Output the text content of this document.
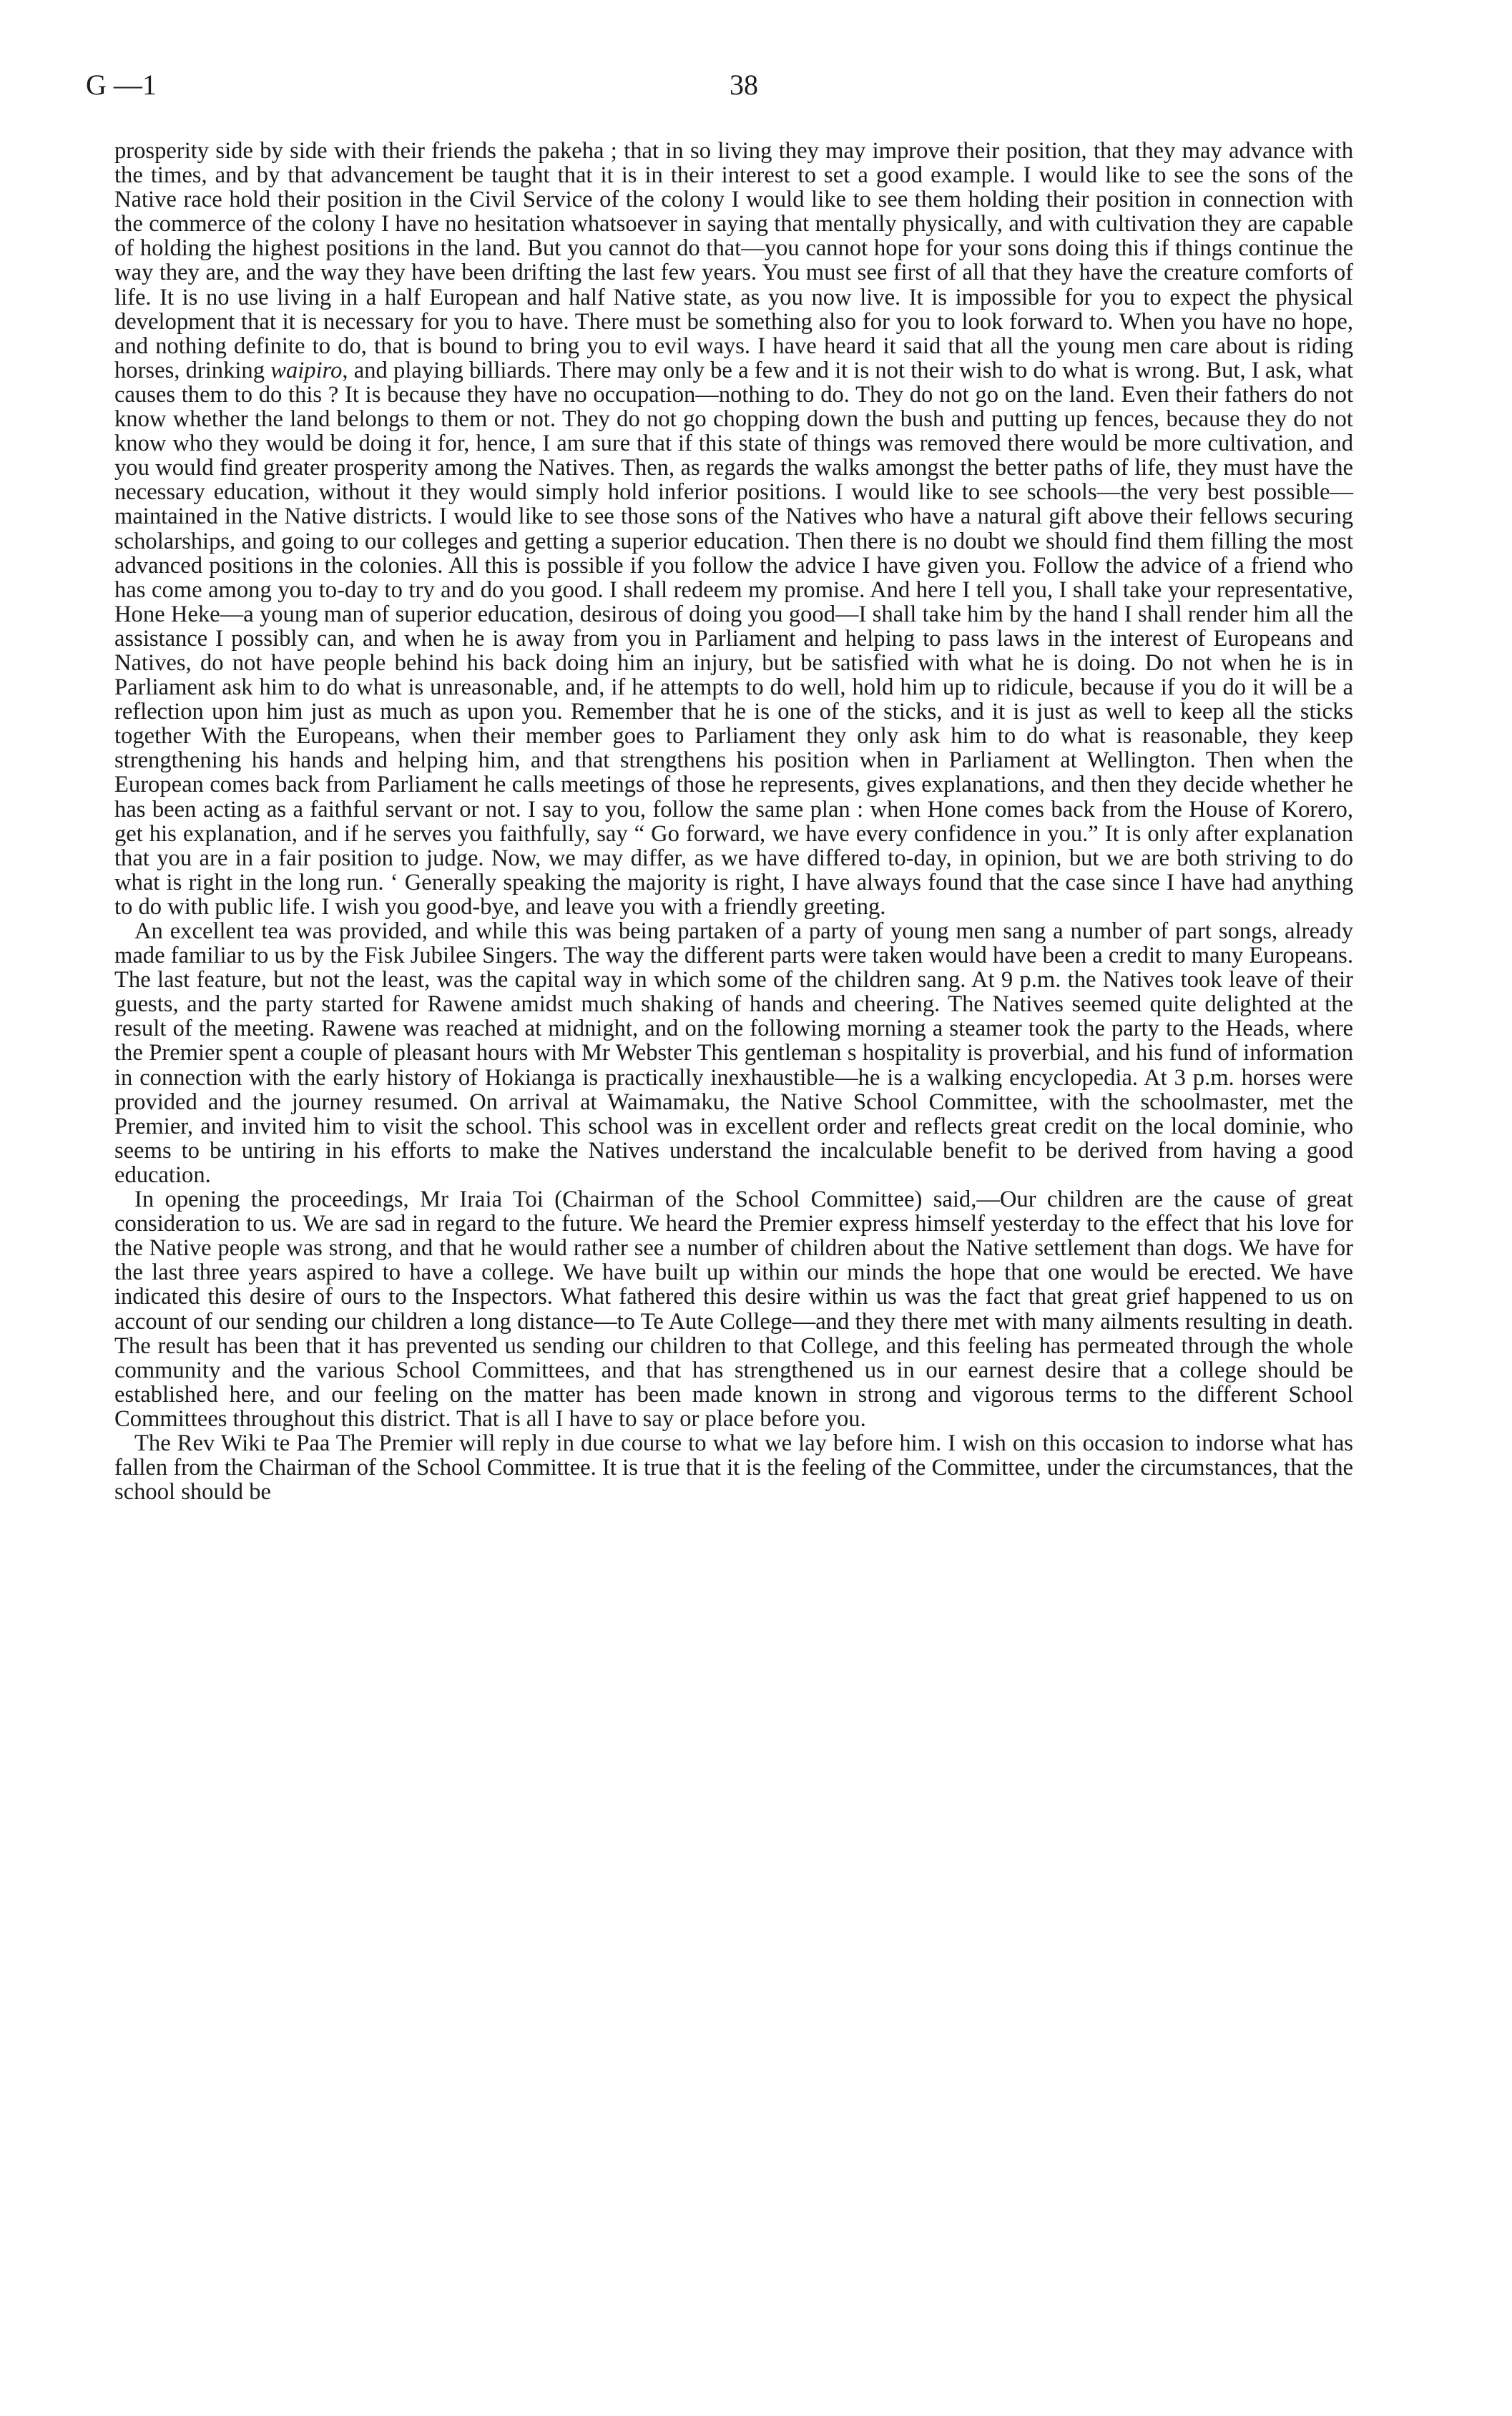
G —1	38

prosperity side by side with their friends the pakeha ; that in so living they may improve their position, that they may advance with the times, and by that advancement be taught that it is in their interest to set a good example. I would like to see the sons of the Native race hold their position in the Civil Service of the colony I would like to see them holding their position in connection with the commerce of the colony I have no hesitation whatsoever in saying that mentally physically, and with cultivation they are capable of holding the highest positions in the land. But you cannot do that—you cannot hope for your sons doing this if things continue the way they are, and the way they have been drifting the last few years. You must see first of all that they have the creature comforts of life. It is no use living in a half European and half Native state, as you now live. It is impossible for you to expect the physical development that it is necessary for you to have. There must be something also for you to look forward to. When you have no hope, and nothing definite to do, that is bound to bring you to evil ways. I have heard it said that all the young men care about is riding horses, drinking waipiro, and playing billiards. There may only be a few and it is not their wish to do what is wrong. But, I ask, what causes them to do this ? It is because they have no occupation—nothing to do. They do not go on the land. Even their fathers do not know whether the land belongs to them or not. They do not go chopping down the bush and putting up fences, because they do not know who they would be doing it for, hence, I am sure that if this state of things was removed there would be more cultivation, and you would find greater prosperity among the Natives. Then, as regards the walks amongst the better paths of life, they must have the necessary education, without it they would simply hold inferior positions. I would like to see schools—the very best possible—maintained in the Native districts. I would like to see those sons of the Natives who have a natural gift above their fellows securing scholarships, and going to our colleges and getting a superior education. Then there is no doubt we should find them filling the most advanced positions in the colonies. All this is possible if you follow the advice I have given you. Follow the advice of a friend who has come among you to-day to try and do you good. I shall redeem my promise. And here I tell you, I shall take your representative, Hone Heke—a young man of superior education, desirous of doing you good—I shall take him by the hand I shall render him all the assistance I possibly can, and when he is away from you in Parliament and helping to pass laws in the interest of Europeans and Natives, do not have people behind his back doing him an injury, but be satisfied with what he is doing. Do not when he is in Parliament ask him to do what is unreasonable, and, if he attempts to do well, hold him up to ridicule, because if you do it will be a reflection upon him just as much as upon you. Remember that he is one of the sticks, and it is just as well to keep all the sticks together With the Europeans, when their member goes to Parliament they only ask him to do what is reasonable, they keep strengthening his hands and helping him, and that strengthens his position when in Parliament at Wellington. Then when the European comes back from Parliament he calls meetings of those he represents, gives explanations, and then they decide whether he has been acting as a faithful servant or not. I say to you, follow the same plan : when Hone comes back from the House of Korero, get his explanation, and if he serves you faithfully, say “ Go forward, we have every confidence in you.” It is only after explanation that you are in a fair position to judge. Now, we may differ, as we have differed to-day, in opinion, but we are both striving to do what is right in the long run. ‘ Generally speaking the majority is right, I have always found that the case since I have had anything to do with public life. I wish you good-bye, and leave you with a friendly greeting.

An excellent tea was provided, and while this was being partaken of a party of young men sang a number of part songs, already made familiar to us by the Fisk Jubilee Singers. The way the different parts were taken would have been a credit to many Europeans. The last feature, but not the least, was the capital way in which some of the children sang. At 9 p.m. the Natives took leave of their guests, and the party started for Rawene amidst much shaking of hands and cheering. The Natives seemed quite delighted at the result of the meeting. Rawene was reached at midnight, and on the following morning a steamer took the party to the Heads, where the Premier spent a couple of pleasant hours with Mr Webster This gentleman s hospitality is proverbial, and his fund of information in connection with the early history of Hokianga is practically inexhaustible—he is a walking encyclopedia. At 3 p.m. horses were provided and the journey resumed. On arrival at Waimamaku, the Native School Committee, with the schoolmaster, met the Premier, and invited him to visit the school. This school was in excellent order and reflects great credit on the local dominie, who seems to be untiring in his efforts to make the Natives understand the incalculable benefit to be derived from having a good education.

In opening the proceedings, Mr Iraia Toi (Chairman of the School Committee) said,—Our children are the cause of great consideration to us. We are sad in regard to the future. We heard the Premier express himself yesterday to the effect that his love for the Native people was strong, and that he would rather see a number of children about the Native settlement than dogs. We have for the last three years aspired to have a college. We have built up within our minds the hope that one would be erected. We have indicated this desire of ours to the Inspectors. What fathered this desire within us was the fact that great grief happened to us on account of our sending our children a long distance—to Te Aute College—and they there met with many ailments resulting in death. The result has been that it has prevented us sending our children to that College, and this feeling has permeated through the whole community and the various School Committees, and that has strengthened us in our earnest desire that a college should be established here, and our feeling on the matter has been made known in strong and vigorous terms to the different School Committees throughout this district. That is all I have to say or place before you.

The Rev Wiki te Paa The Premier will reply in due course to what we lay before him. I wish on this occasion to indorse what has fallen from the Chairman of the School Committee. It is true that it is the feeling of the Committee, under the circumstances, that the school should be
